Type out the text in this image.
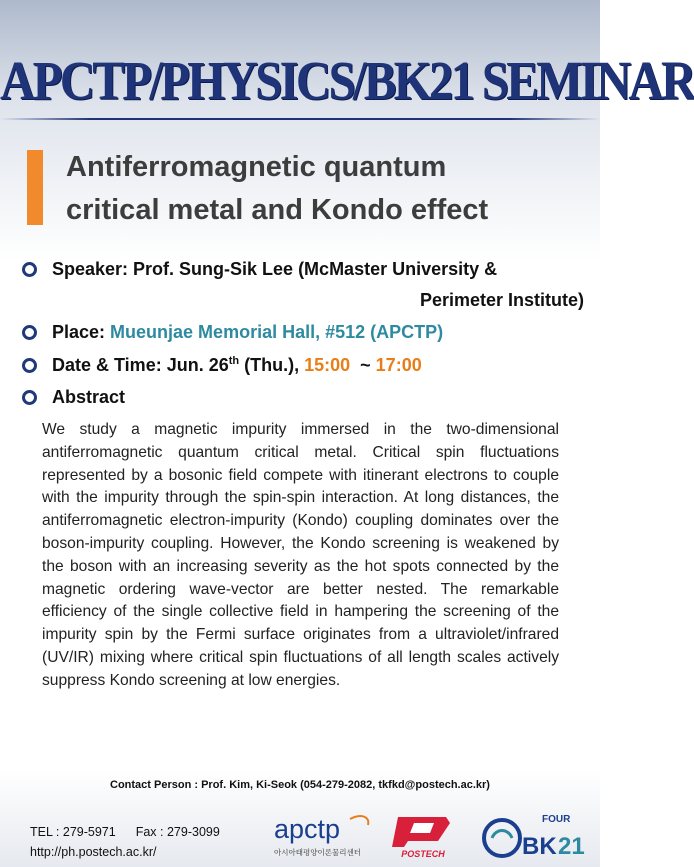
APCTP/PHYSICS/BK21 SEMINAR
Antiferromagnetic quantum
critical metal and Kondo effect
Speaker: Prof. Sung-Sik Lee (McMaster University &
Perimeter Institute)
Place: Mueunjae Memorial Hall, #512 (APCTP)
Date & Time: Jun. 26th (Thu.), 15:00  ~ 17:00
Abstract
We study a magnetic impurity immersed in the two-dimensional antiferromagnetic quantum critical metal. Critical spin fluctuations represented by a bosonic field compete with itinerant electrons to couple with the impurity through the spin-spin interaction. At long distances, the antiferromagnetic electron-impurity (Kondo) coupling dominates over the boson-impurity coupling. However, the Kondo screening is weakened by the boson with an increasing severity as the hot spots connected by the magnetic ordering wave-vector are better nested. The remarkable efficiency of the single collective field in hampering the screening of the impurity spin by the Fermi surface originates from a ultraviolet/infrared (UV/IR) mixing where critical spin fluctuations of all length scales actively suppress Kondo screening at low energies.
Contact Person : Prof. Kim, Ki-Seok (054-279-2082, tkfkd@postech.ac.kr)
TEL : 279-5971 Fax : 279-3099
http://ph.postech.ac.kr/
apctp
아시아태평양이론물리센터	POSTECH
FOUR
BK 21
